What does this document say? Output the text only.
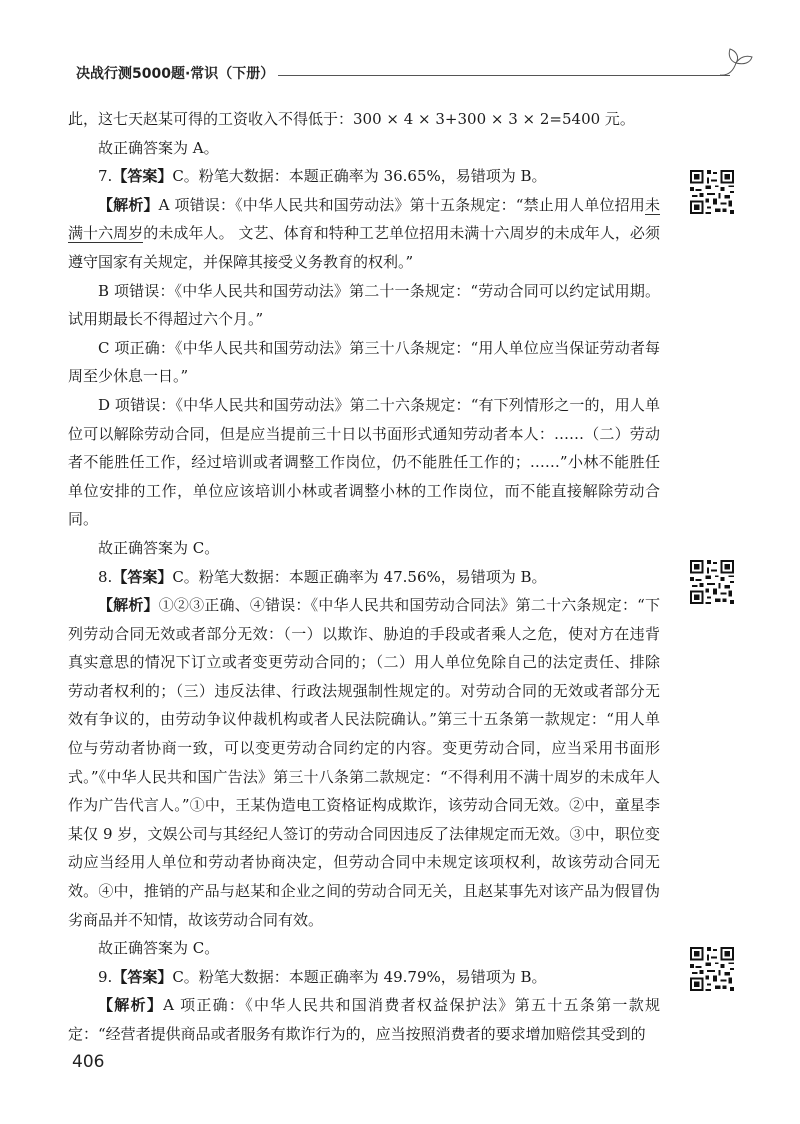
决战行测5000题·常识（下册）

此，这七天赵某可得的工资收入不得低于：300 × 4 × 3+300 × 3 × 2=5400 元。

故正确答案为 A。

7.【答案】C。粉笔大数据：本题正确率为 36.65%，易错项为 B。

【解析】A 项错误：《中华人民共和国劳动法》第十五条规定：“禁止用人单位招用未满十六周岁的未成年人。 文艺、体育和特种工艺单位招用未满十六周岁的未成年人，必须遵守国家有关规定，并保障其接受义务教育的权利。”

B 项错误：《中华人民共和国劳动法》第二十一条规定：“劳动合同可以约定试用期。试用期最长不得超过六个月。”

C 项正确：《中华人民共和国劳动法》第三十八条规定：“用人单位应当保证劳动者每周至少休息一日。”

D 项错误：《中华人民共和国劳动法》第二十六条规定：“有下列情形之一的，用人单位可以解除劳动合同，但是应当提前三十日以书面形式通知劳动者本人：……（二）劳动者不能胜任工作，经过培训或者调整工作岗位，仍不能胜任工作的；……”小林不能胜任单位安排的工作，单位应该培训小林或者调整小林的工作岗位，而不能直接解除劳动合同。

故正确答案为 C。

8.【答案】C。粉笔大数据：本题正确率为 47.56%，易错项为 B。

【解析】①②③正确、④错误：《中华人民共和国劳动合同法》第二十六条规定：“下列劳动合同无效或者部分无效：（一）以欺诈、胁迫的手段或者乘人之危，使对方在违背真实意思的情况下订立或者变更劳动合同的；（二）用人单位免除自己的法定责任、排除劳动者权利的；（三）违反法律、行政法规强制性规定的。对劳动合同的无效或者部分无效有争议的，由劳动争议仲裁机构或者人民法院确认。”第三十五条第一款规定：“用人单位与劳动者协商一致，可以变更劳动合同约定的内容。变更劳动合同，应当采用书面形式。”《中华人民共和国广告法》第三十八条第二款规定：“不得利用不满十周岁的未成年人作为广告代言人。”①中，王某伪造电工资格证构成欺诈，该劳动合同无效。②中，童星李某仅 9 岁，文娱公司与其经纪人签订的劳动合同因违反了法律规定而无效。③中，职位变动应当经用人单位和劳动者协商决定，但劳动合同中未规定该项权利，故该劳动合同无效。④中，推销的产品与赵某和企业之间的劳动合同无关，且赵某事先对该产品为假冒伪劣商品并不知情，故该劳动合同有效。

故正确答案为 C。

9.【答案】C。粉笔大数据：本题正确率为 49.79%，易错项为 B。

【解析】A 项正确：《中华人民共和国消费者权益保护法》第五十五条第一款规定：“经营者提供商品或者服务有欺诈行为的，应当按照消费者的要求增加赔偿其受到的

406
